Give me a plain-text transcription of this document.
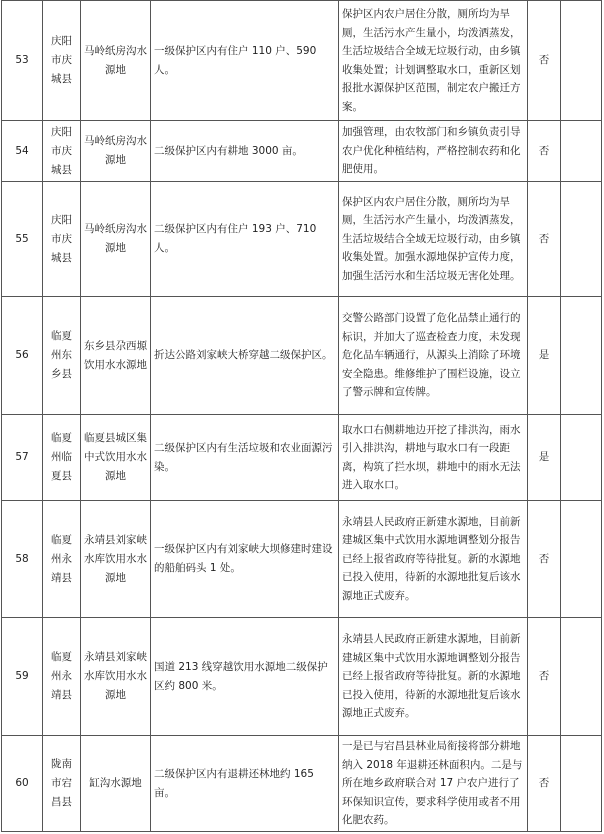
53	庆阳市庆城县	马岭纸房沟水源地	一级保护区内有住户 110 户、590 人。	保护区内农户居住分散，厕所均为旱厕，生活污水产生量小，均泼洒蒸发，生活垃圾结合全域无垃圾行动，由乡镇收集处置；计划调整取水口，重新区划报批水源保护区范围，制定农户搬迁方案。	否	
54	庆阳市庆城县	马岭纸房沟水源地	二级保护区内有耕地 3000 亩。	加强管理，由农牧部门和乡镇负责引导农户优化种植结构，严格控制农药和化肥使用。	否	
55	庆阳市庆城县	马岭纸房沟水源地	二级保护区内有住户 193 户、710 人。	保护区内农户居住分散，厕所均为旱厕，生活污水产生量小，均泼洒蒸发，生活垃圾结合全域无垃圾行动，由乡镇收集处置。加强水源地保护宣传力度，加强生活污水和生活垃圾无害化处理。	否	
56	临夏州东乡县	东乡县尕西塬饮用水水源地	折达公路刘家峡大桥穿越二级保护区。	交警公路部门设置了危化品禁止通行的标识，并加大了巡查检查力度，未发现危化品车辆通行，从源头上消除了环境安全隐患。维修维护了围栏设施，设立了警示牌和宣传牌。	是	
57	临夏州临夏县	临夏县城区集中式饮用水水源地	二级保护区内有生活垃圾和农业面源污染。	取水口右侧耕地边开挖了排洪沟，雨水引入排洪沟，耕地与取水口有一段距离，构筑了拦水坝，耕地中的雨水无法进入取水口。	是	
58	临夏州永靖县	永靖县刘家峡水库饮用水水源地	一级保护区内有刘家峡大坝修建时建设的船舶码头 1 处。	永靖县人民政府正新建水源地，目前新建城区集中式饮用水源地调整划分报告已经上报省政府等待批复。新的水源地已投入使用，待新的水源地批复后该水源地正式废弃。	否	
59	临夏州永靖县	永靖县刘家峡水库饮用水水源地	国道 213 线穿越饮用水源地二级保护区约 800 米。	永靖县人民政府正新建水源地，目前新建城区集中式饮用水源地调整划分报告已经上报省政府等待批复。新的水源地已投入使用，待新的水源地批复后该水源地正式废弃。	否	
60	陇南市宕昌县	缸沟水源地	二级保护区内有退耕还林地约 165 亩。	一是已与宕昌县林业局衔接将部分耕地纳入 2018 年退耕还林面积内。二是与所在地乡政府联合对 17 户农户进行了环保知识宣传，要求科学使用或者不用化肥农药。	否	
